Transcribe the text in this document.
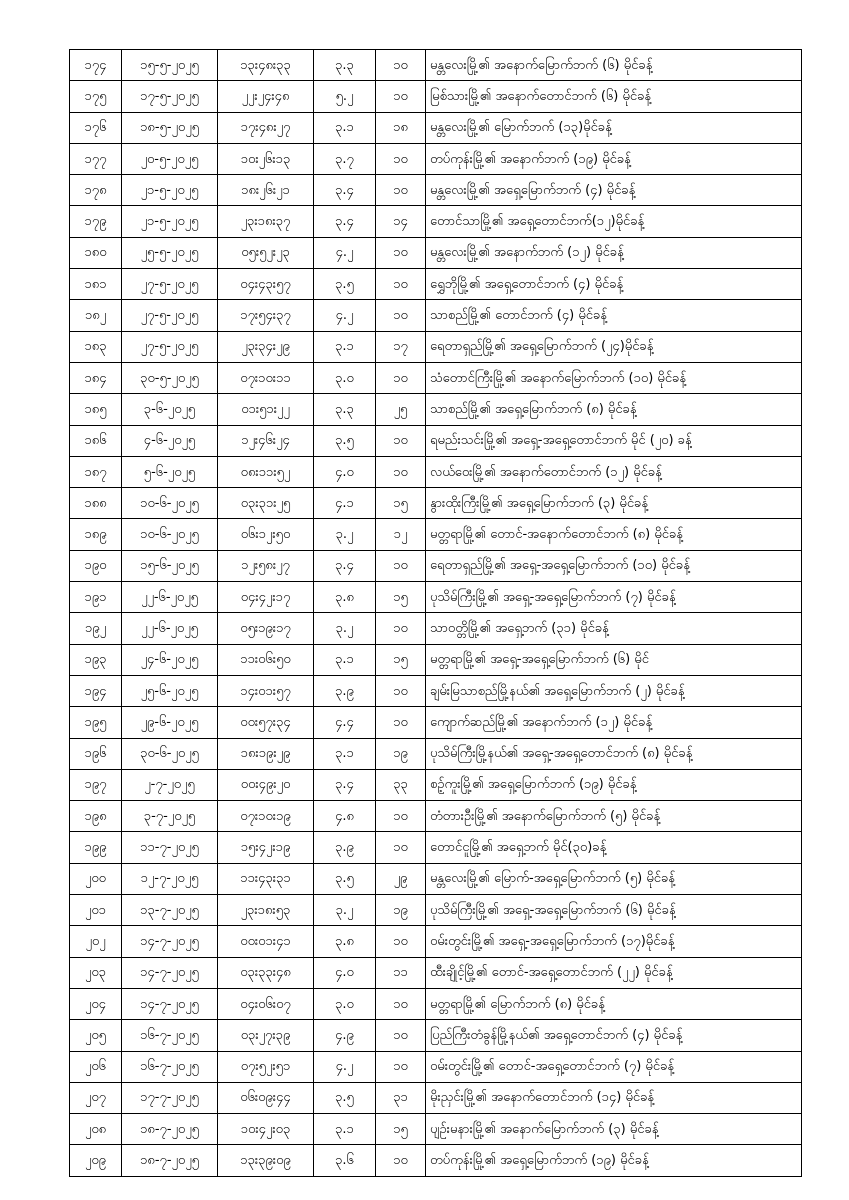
၁၇၄	၁၅-၅-၂၀၂၅	၁၃း၄၈း၃၃	၃.၃	၁၀	မန္တလေးမြို့၏ အနောက်မြောက်ဘက် (၆) မိုင်ခန့်
၁၇၅	၁၇-၅-၂၀၂၅	၂၂း၂၄း၄၈	၅.၂	၁၀	မြစ်သားမြို့၏ အနောက်တောင်ဘက် (၆) မိုင်ခန့်
၁၇၆	၁၈-၅-၂၀၂၅	၁၇း၄၈း၂၇	၃.၁	၁၈	မန္တလေးမြို့၏ မြောက်ဘက် (၁၃)မိုင်ခန့်
၁၇၇	၂၀-၅-၂၀၂၅	၁၀း၂၆း၁၃	၃.၇	၁၀	တပ်ကုန်းမြို့၏ အနောက်ဘက် (၁၉) မိုင်ခန့်
၁၇၈	၂၁-၅-၂၀၂၅	၁၈း၂၆း၂၁	၃.၄	၁၀	မန္တလေးမြို့၏ အရှေ့မြောက်ဘက် (၄) မိုင်ခန့်
၁၇၉	၂၁-၅-၂၀၂၅	၂၃း၁၈း၃၇	၃.၄	၁၄	တောင်သာမြို့၏ အရှေ့တောင်ဘက်(၁၂)မိုင်ခန့်
၁၈၀	၂၅-၅-၂၀၂၅	၀၅း၅၂း၂၃	၄.၂	၁၀	မန္တလေးမြို့၏ အနောက်ဘက် (၁၂) မိုင်ခန့်
၁၈၁	၂၇-၅-၂၀၂၅	၀၄း၄၃း၅၇	၃.၅	၁၀	ရွှေဘိုမြို့၏ အရှေ့တောင်ဘက် (၄) မိုင်ခန့်
၁၈၂	၂၇-၅-၂၀၂၅	၁၇း၅၄း၃၇	၄.၂	၁၀	သာစည်မြို့၏ တောင်ဘက် (၄) မိုင်ခန့်
၁၈၃	၂၇-၅-၂၀၂၅	၂၃း၃၄း၂၉	၃.၁	၁၇	ရေတာရှည်မြို့၏ အရှေ့မြောက်ဘက် (၂၄)မိုင်ခန့်
၁၈၄	၃၀-၅-၂၀၂၅	၀၇း၁၀း၁၁	၃.၀	၁၀	သံတောင်ကြီးမြို့၏ အနောက်မြောက်ဘက် (၁၀) မိုင်ခန့်
၁၈၅	၃-၆-၂၀၂၅	၀၁း၅၁း၂၂	၃.၃	၂၅	သာစည်မြို့၏ အရှေ့မြောက်ဘက် (၈) မိုင်ခန့်
၁၈၆	၄-၆-၂၀၂၅	၁၂း၄၆း၂၄	၃.၅	၁၀	ရမည်းသင်းမြို့၏ အရှေ့-အရှေ့တောင်ဘက် မိုင် (၂၀) ခန့်
၁၈၇	၅-၆-၂၀၂၅	၀၈း၁၁း၅၂	၄.၀	၁၀	လယ်ဝေးမြို့၏ အနောက်တောင်ဘက် (၁၂) မိုင်ခန့်
၁၈၈	၁၀-၆-၂၀၂၅	၀၃း၃၁း၂၅	၄.၁	၁၅	နွားထိုးကြီးမြို့၏ အရှေ့မြောက်ဘက် (၃) မိုင်ခန့်
၁၈၉	၁၀-၆-၂၀၂၅	၀၆း၁၂း၅၀	၃.၂	၁၂	မတ္တရာမြို့၏ တောင်-အနောက်တောင်ဘက် (၈) မိုင်ခန့်
၁၉၀	၁၅-၆-၂၀၂၅	၁၂း၅၈း၂၇	၃.၄	၁၀	ရေတာရှည်မြို့၏ အရှေ့-အရှေ့မြောက်ဘက် (၁၀) မိုင်ခန့်
၁၉၁	၂၂-၆-၂၀၂၅	၀၄း၄၂း၁၇	၃.၈	၁၅	ပုသိမ်ကြီးမြို့၏ အရှေ့-အရှေ့မြောက်ဘက် (၇) မိုင်ခန့်
၁၉၂	၂၂-၆-၂၀၂၅	၀၅း၁၉း၁၇	၃.၂	၁၀	သာဝတ္တိမြို့၏ အရှေ့ဘက် (၃၁) မိုင်ခန့်
၁၉၃	၂၄-၆-၂၀၂၅	၁၁း၀၆း၅၀	၃.၁	၁၅	မတ္တရာမြို့၏ အရှေ့-အရှေ့မြောက်ဘက် (၆) မိုင်
၁၉၄	၂၅-၆-၂၀၂၅	၁၄း၀၁း၅၇	၃.၉	၁၀	ချမ်းမြသာစည်မြို့နယ်၏ အရှေ့မြောက်ဘက် (၂) မိုင်ခန့်
၁၉၅	၂၉-၆-၂၀၂၅	၀၀း၅၇း၃၄	၄.၄	၁၀	ကျောက်ဆည်မြို့၏ အနောက်ဘက် (၁၂) မိုင်ခန့်
၁၉၆	၃၀-၆-၂၀၂၅	၁၈း၁၉း၂၉	၃.၁	၁၉	ပုသိမ်ကြီးမြို့နယ်၏ အရှေ့-အရှေ့တောင်ဘက် (၈) မိုင်ခန့်
၁၉၇	၂-၇-၂၀၂၅	၀၀း၄၉း၂၀	၃.၄	၃၃	စဉ့်ကူးမြို့၏ အရှေ့မြောက်ဘက် (၁၉) မိုင်ခန့်
၁၉၈	၃-၇-၂၀၂၅	၀၇း၁၀း၁၉	၄.၈	၁၀	တံတားဦးမြို့၏ အနောက်မြောက်ဘက် (၅) မိုင်ခန့်
၁၉၉	၁၁-၇-၂၀၂၅	၁၅း၄၂း၁၉	၃.၉	၁၀	တောင်ငူမြို့၏ အရှေ့ဘက် မိုင်(၃၀)ခန့်
၂၀၀	၁၂-၇-၂၀၂၅	၁၁း၄၃း၃၁	၃.၅	၂၉	မန္တလေးမြို့၏ မြောက်-အရှေ့မြောက်ဘက် (၅) မိုင်ခန့်
၂၀၁	၁၃-၇-၂၀၂၅	၂၃း၁၈း၅၃	၃.၂	၁၉	ပုသိမ်ကြီးမြို့၏ အရှေ့-အရှေ့မြောက်ဘက် (၆) မိုင်ခန့်
၂၀၂	၁၄-၇-၂၀၂၅	၀၀း၀၁း၄၁	၃.၈	၁၀	ဝမ်းတွင်းမြို့၏ အရှေ့-အရှေ့မြောက်ဘက် (၁၇)မိုင်ခန့်
၂၀၃	၁၄-၇-၂၀၂၅	၀၃း၃၃း၄၈	၄.၀	၁၁	ထီးချိုင့်မြို့၏ တောင်-အရှေ့တောင်ဘက် (၂၂) မိုင်ခန့်
၂၀၄	၁၄-၇-၂၀၂၅	၀၄း၀၆း၀၇	၃.၀	၁၀	မတ္တရာမြို့၏ မြောက်ဘက် (၈) မိုင်ခန့်
၂၀၅	၁၆-၇-၂၀၂၅	၀၃း၂၇း၃၉	၄.၉	၁၀	ပြည်ကြီးတံခွန်မြို့နယ်၏ အရှေ့တောင်ဘက် (၄) မိုင်ခန့်
၂၀၆	၁၆-၇-၂၀၂၅	၀၇း၅၂း၅၁	၄.၂	၁၀	ဝမ်းတွင်းမြို့၏ တောင်-အရှေ့တောင်ဘက် (၇) မိုင်ခန့်
၂၀၇	၁၇-၇-၂၀၂၅	၀၆း၀၉း၄၄	၃.၅	၃၁	မိုးညှင်းမြို့၏ အနောက်တောင်ဘက် (၁၄) မိုင်ခန့်
၂၀၈	၁၈-၇-၂၀၂၅	၁၀း၄၂း၀၃	၃.၁	၁၅	ပျဉ်းမနားမြို့၏ အနောက်မြောက်ဘက် (၃) မိုင်ခန့်
၂၀၉	၁၈-၇-၂၀၂၅	၁၃း၃၉း၀၉	၃.၆	၁၀	တပ်ကုန်းမြို့၏ အရှေ့မြောက်ဘက် (၁၉) မိုင်ခန့်
